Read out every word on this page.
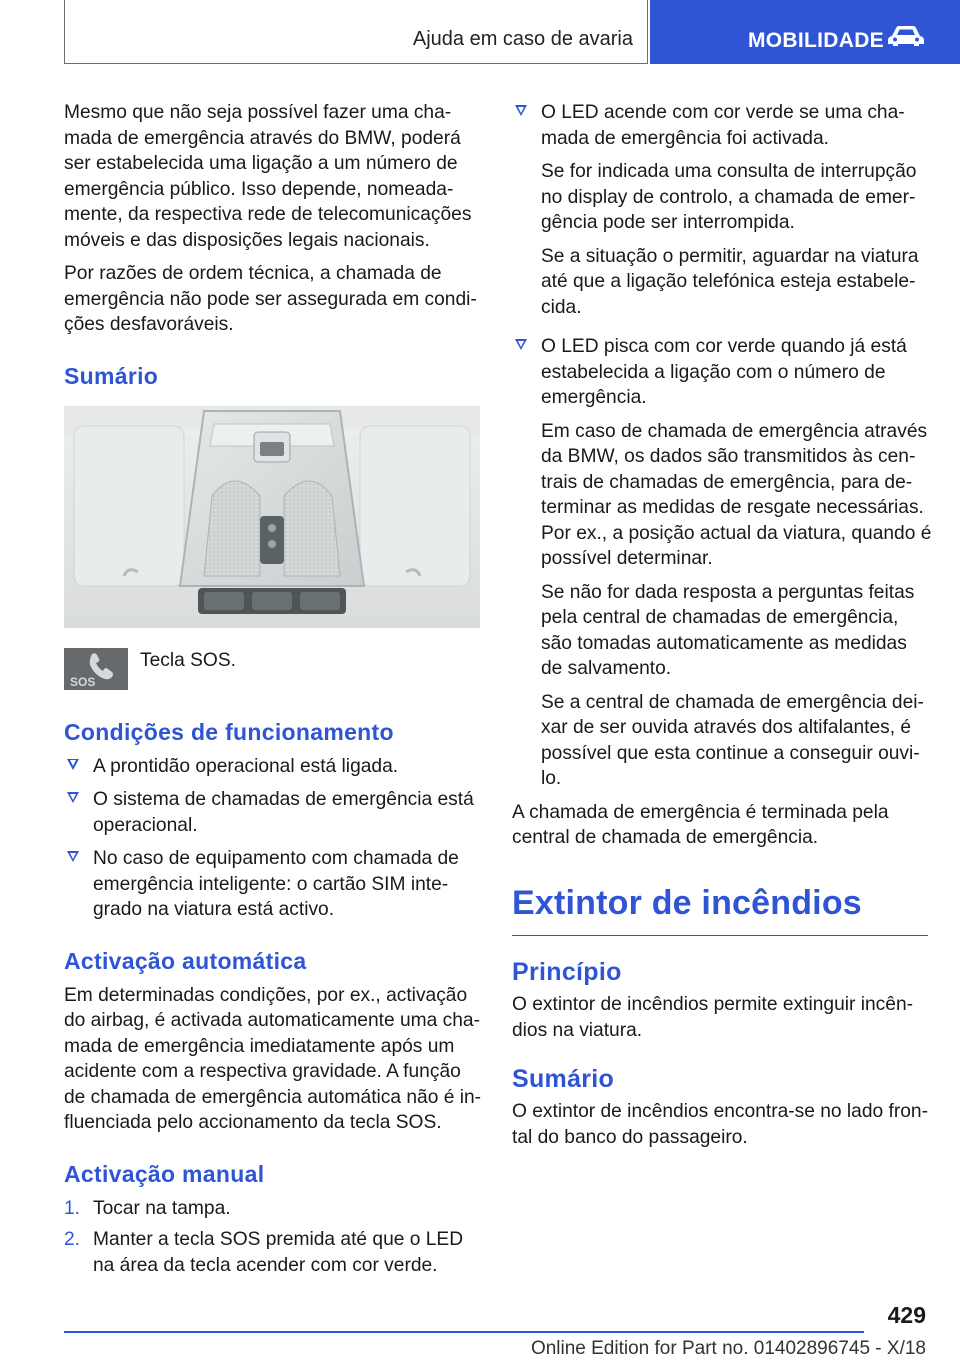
Ajuda em caso de avaria	MOBILIDADE

Mesmo que não seja possível fazer uma chamada de emergência através do BMW, poderá ser estabelecida uma ligação a um número de emergência público. Isso depende, nomeadamente, da respectiva rede de telecomunicações móveis e das disposições legais nacionais.

Por razões de ordem técnica, a chamada de emergência não pode ser assegurada em condições desfavoráveis.

Sumário
SOS
Tecla SOS.
Condições de funcionamento
A prontidão operacional está ligada.
O sistema de chamadas de emergência está operacional.
No caso de equipamento com chamada de emergência inteligente: o cartão SIM integrado na viatura está activo.
Activação automática

Em determinadas condições, por ex., activação do airbag, é activada automaticamente uma chamada de emergência imediatamente após um acidente com a respectiva gravidade. A função de chamada de emergência automática não é influenciada pelo accionamento da tecla SOS.

Activação manual
1. Tocar na tampa.
2. Manter a tecla SOS premida até que o LED na área da tecla acender com cor verde.

O LED acende com cor verde se uma chamada de emergência foi activada.

Se for indicada uma consulta de interrupção no display de controlo, a chamada de emergência pode ser interrompida.

Se a situação o permitir, aguardar na viatura até que a ligação telefónica esteja estabelecida.

O LED pisca com cor verde quando já está estabelecida a ligação com o número de emergência.

Em caso de chamada de emergência através da BMW, os dados são transmitidos às centrais de chamadas de emergência, para determinar as medidas de resgate necessárias. Por ex., a posição actual da viatura, quando é possível determinar.

Se não for dada resposta a perguntas feitas pela central de chamadas de emergência, são tomadas automaticamente as medidas de salvamento.

Se a central de chamada de emergência deixar de ser ouvida através dos altifalantes, é possível que esta continue a conseguir ouvi-lo.

A chamada de emergência é terminada pela central de chamada de emergência.

Extintor de incêndios
Princípio

O extintor de incêndios permite extinguir incêndios na viatura.

Sumário

O extintor de incêndios encontra-se no lado frontal do banco do passageiro.

429
Online Edition for Part no. 01402896745 - X/18
